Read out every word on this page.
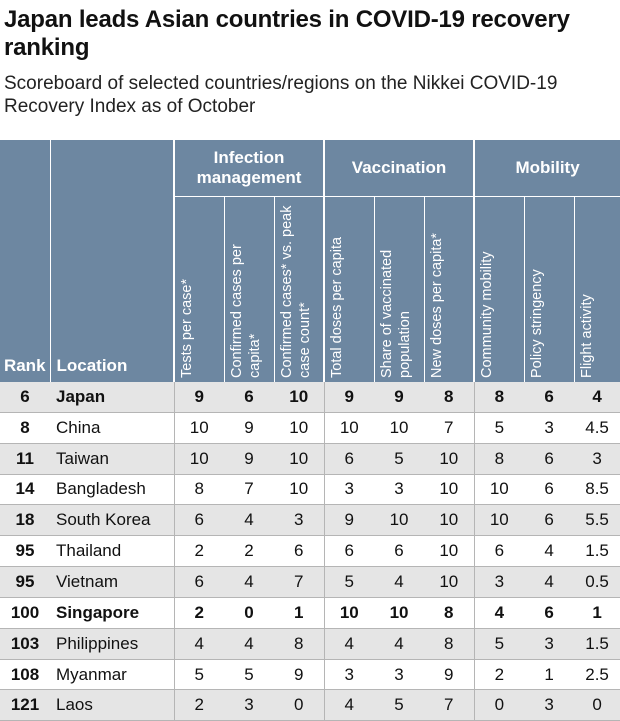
Japan leads Asian countries in COVID-19 recovery ranking
Scoreboard of selected countries/regions on the Nikkei COVID-19 Recovery Index as of October
Rank	Location	Infection management			Vaccination			Mobility		

		Tests per case*	Confirmed cases per capita*	Confirmed cases* vs. peak case count*	Total doses per capita	Share of vaccinated population	New doses per capita*	Community mobility	Policy stringency	Flight activity

6	Japan	9	6	10	9	9	8	8	6	4
8	China	10	9	10	10	10	7	5	3	4.5
11	Taiwan	10	9	10	6	5	10	8	6	3
14	Bangladesh	8	7	10	3	3	10	10	6	8.5
18	South Korea	6	4	3	9	10	10	10	6	5.5
95	Thailand	2	2	6	6	6	10	6	4	1.5
95	Vietnam	6	4	7	5	4	10	3	4	0.5
100	Singapore	2	0	1	10	10	8	4	6	1
103	Philippines	4	4	8	4	4	8	5	3	1.5
108	Myanmar	5	5	9	3	3	9	2	1	2.5
121	Laos	2	3	0	4	5	7	0	3	0
